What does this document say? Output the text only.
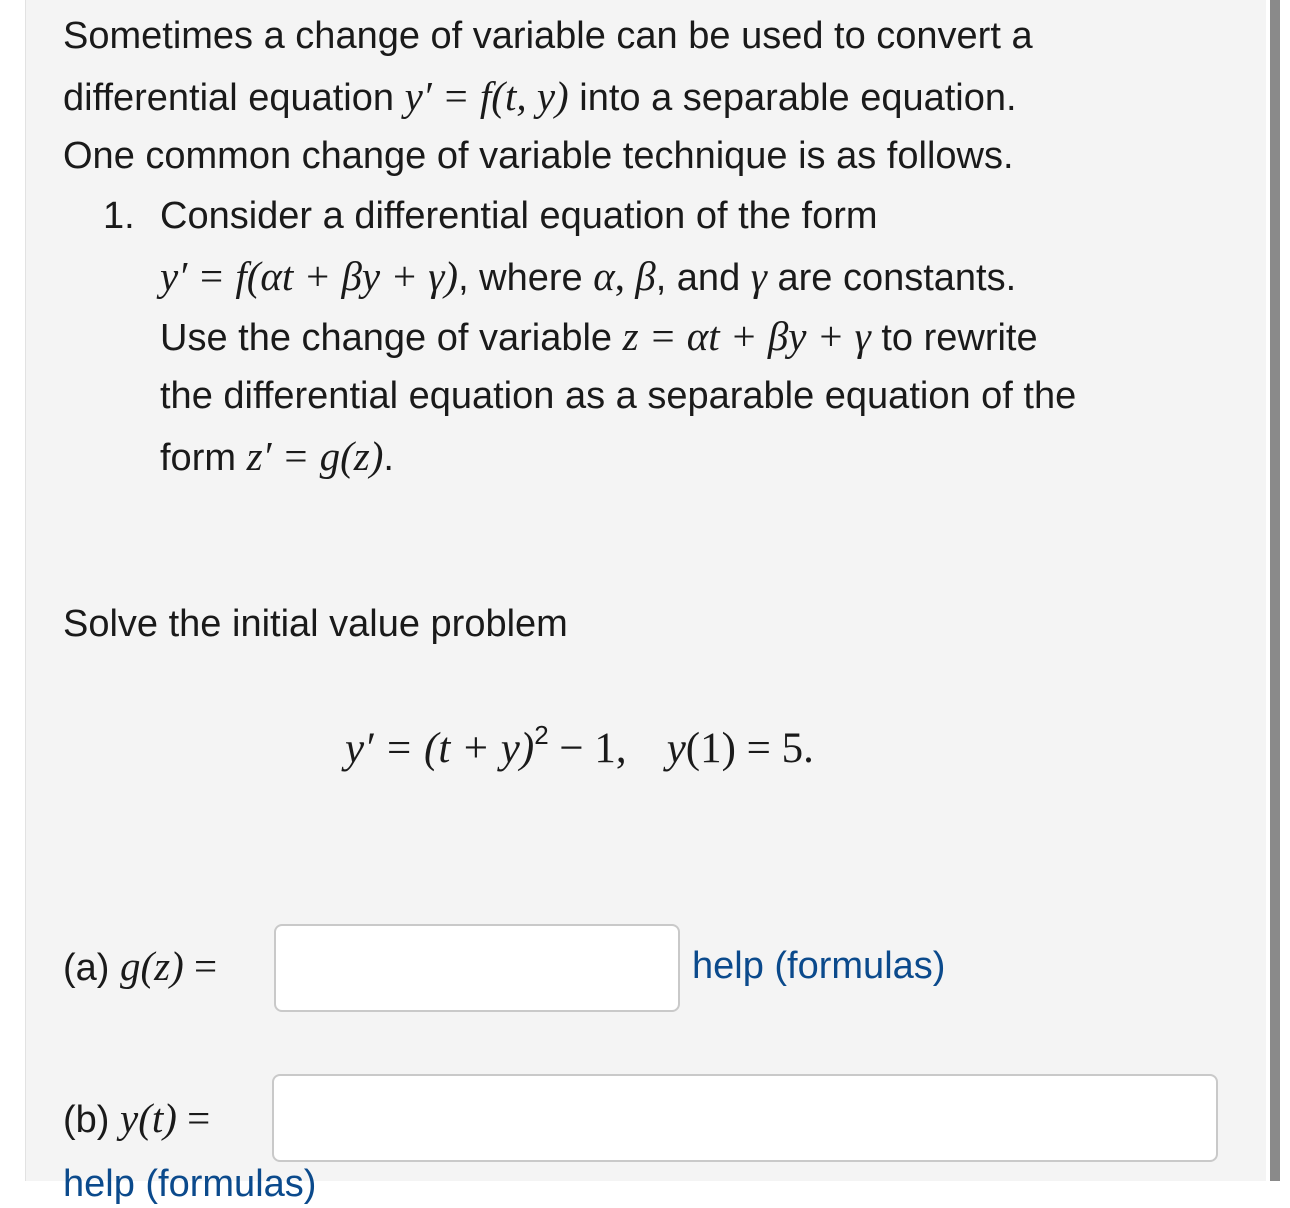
Sometimes a change of variable can be used to convert a
differential equation y′ = f(t, y) into a separable equation.
One common change of variable technique is as follows.
1. Consider a differential equation of the form
y′ = f(αt + βy + γ), where α, β, and γ are constants.
Use the change of variable z = αt + βy + γ to rewrite
the differential equation as a separable equation of the
form z′ = g(z).
Solve the initial value problem
$y' = (t + y)^2 - 1$, y(1) = 5.
(a) g(z) =	help (formulas)
(b) y(t) =
help (formulas)
